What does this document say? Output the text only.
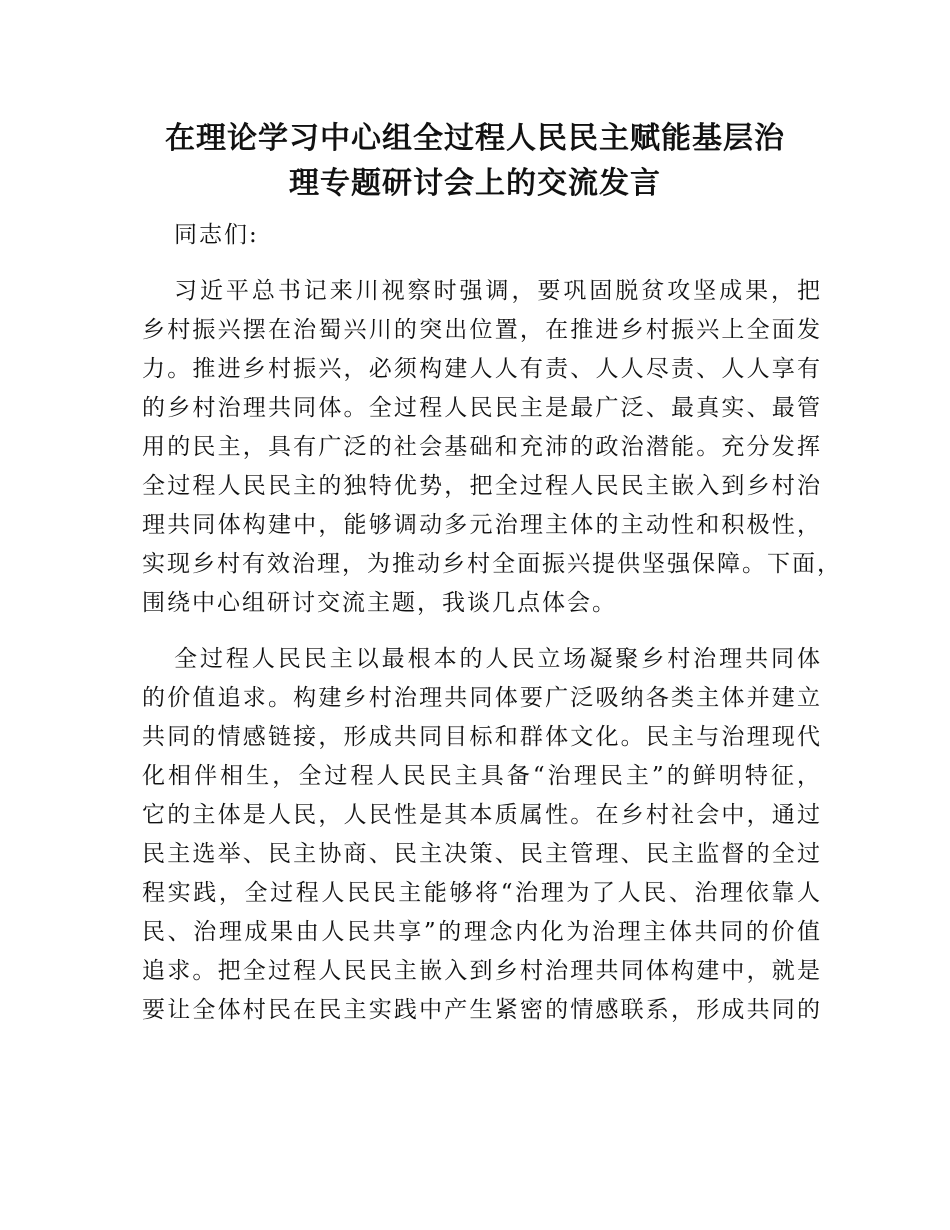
在理论学习中心组全过程人民民主赋能基层治
理专题研讨会上的交流发言

同志们:

习近平总书记来川视察时强调，要巩固脱贫攻坚成果，把
乡村振兴摆在治蜀兴川的突出位置，在推进乡村振兴上全面发
力。推进乡村振兴，必须构建人人有责、人人尽责、人人享有
的乡村治理共同体。全过程人民民主是最广泛、最真实、最管
用的民主，具有广泛的社会基础和充沛的政治潜能。充分发挥
全过程人民民主的独特优势，把全过程人民民主嵌入到乡村治
理共同体构建中，能够调动多元治理主体的主动性和积极性，
实现乡村有效治理，为推动乡村全面振兴提供坚强保障。下面，
围绕中心组研讨交流主题，我谈几点体会。

全过程人民民主以最根本的人民立场凝聚乡村治理共同体
的价值追求。构建乡村治理共同体要广泛吸纳各类主体并建立
共同的情感链接，形成共同目标和群体文化。民主与治理现代
化相伴相生，全过程人民民主具备“治理民主”的鲜明特征，
它的主体是人民，人民性是其本质属性。在乡村社会中，通过
民主选举、民主协商、民主决策、民主管理、民主监督的全过
程实践，全过程人民民主能够将“治理为了人民、治理依靠人
民、治理成果由人民共享”的理念内化为治理主体共同的价值
追求。把全过程人民民主嵌入到乡村治理共同体构建中，就是
要让全体村民在民主实践中产生紧密的情感联系，形成共同的
